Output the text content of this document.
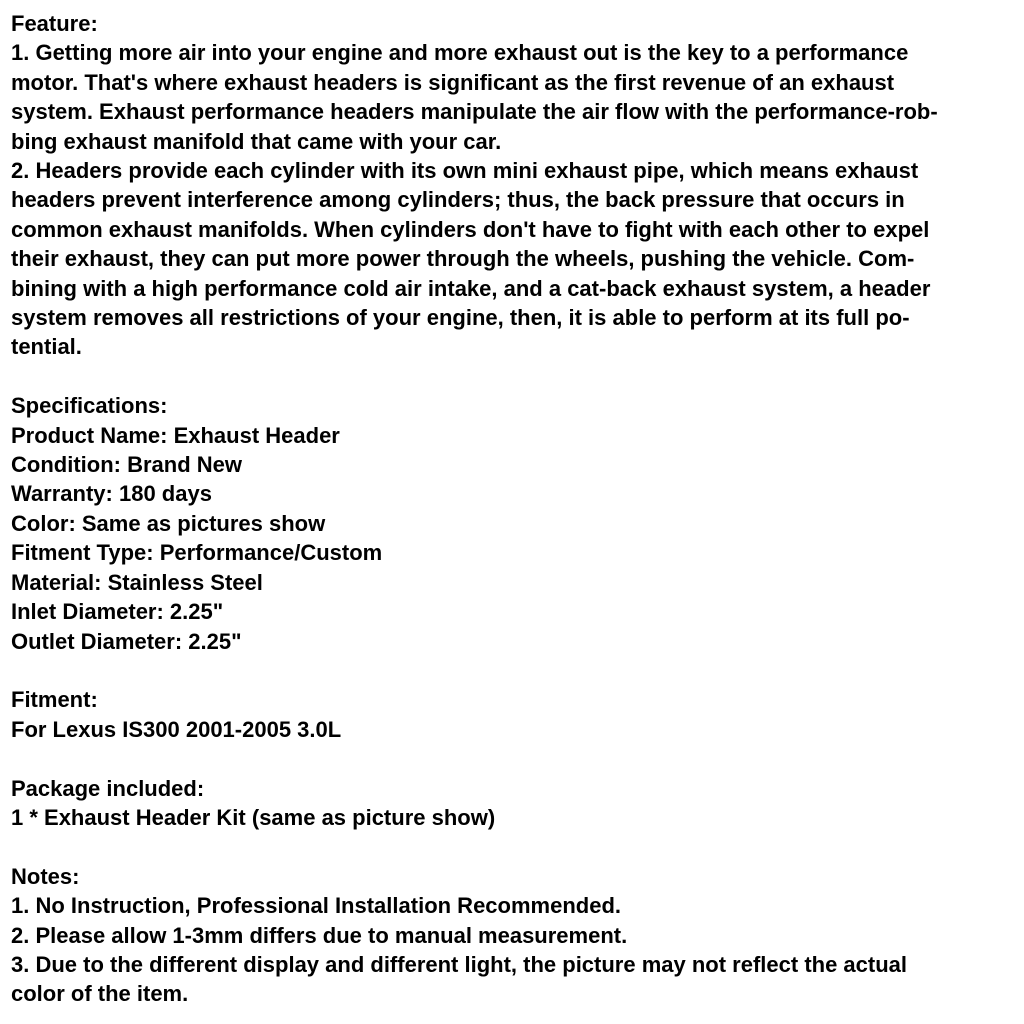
Feature:
1. Getting more air into your engine and more exhaust out is the key to a performance
motor. That's where exhaust headers is significant as the first revenue of an exhaust
system. Exhaust performance headers manipulate the air flow with the performance-rob-
bing exhaust manifold that came with your car.
2. Headers provide each cylinder with its own mini exhaust pipe, which means exhaust
headers prevent interference among cylinders; thus, the back pressure that occurs in
common exhaust manifolds. When cylinders don't have to fight with each other to expel
their exhaust, they can put more power through the wheels, pushing the vehicle. Com-
bining with a high performance cold air intake, and a cat-back exhaust system, a header
system removes all restrictions of your engine, then, it is able to perform at its full po-
tential.
Specifications:
Product Name: Exhaust Header
Condition: Brand New
Warranty: 180 days
Color: Same as pictures show
Fitment Type: Performance/Custom
Material: Stainless Steel
Inlet Diameter: 2.25"
Outlet Diameter: 2.25"
Fitment:
For Lexus IS300 2001-2005 3.0L
Package included:
1 * Exhaust Header Kit (same as picture show)
Notes:
1. No Instruction, Professional Installation Recommended.
2. Please allow 1-3mm differs due to manual measurement.
3. Due to the different display and different light, the picture may not reflect the actual
color of the item.
